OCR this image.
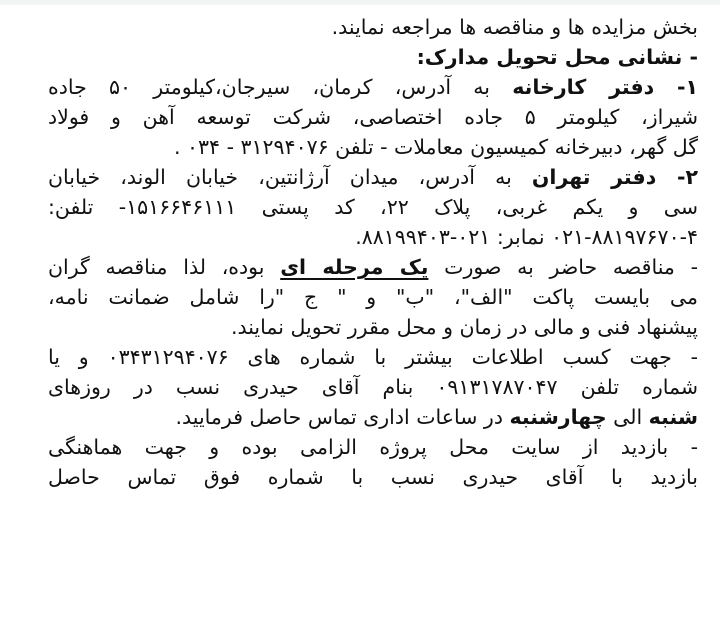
بخش مزایده ها و مناقصه ها مراجعه نمایند.
- نشانی محل تحویل مدارک:
۱- دفتر کارخانه به آدرس، کرمان، سیرجان،کیلومتر ۵۰ جاده
شیراز، کیلومتر ۵ جاده اختصاصی، شرکت توسعه آهن و فولاد
گل گهر، دبیرخانه کمیسیون معاملات - تلفن ۳۱۲۹۴۰۷۶ - ۰۳۴ .
۲- دفتر تهران به آدرس، میدان آرژانتین، خیابان الوند، خیابان
سی و یکم غربی، پلاک ۲۲، کد پستی ۱۵۱۶۶۴۶۱۱۱- تلفن:
۰۲۱-۸۸۱۹۷۶۷۰-۴ نمابر: ۰۲۱-۸۸۱۹۹۴۰۳.
- مناقصه حاضر به صورت یک مرحله ای بوده، لذا مناقصه گران
می بایست پاکت "الف"، "ب" و " ج "را شامل ضمانت نامه،
پیشنهاد فنی و مالی در زمان و محل مقرر تحویل نمایند.
- جهت کسب اطلاعات بیشتر با شماره های ۰۳۴۳۱۲۹۴۰۷۶ و یا
شماره تلفن ۰۹۱۳۱۷۸۷۰۴۷ بنام آقای حیدری نسب در روزهای
شنبه الی چهارشنبه در ساعات اداری تماس حاصل فرمایید.
- بازدید از سایت محل پروژه الزامی بوده و جهت هماهنگی
بازدید با آقای حیدری نسب با شماره فوق تماس حاصل
